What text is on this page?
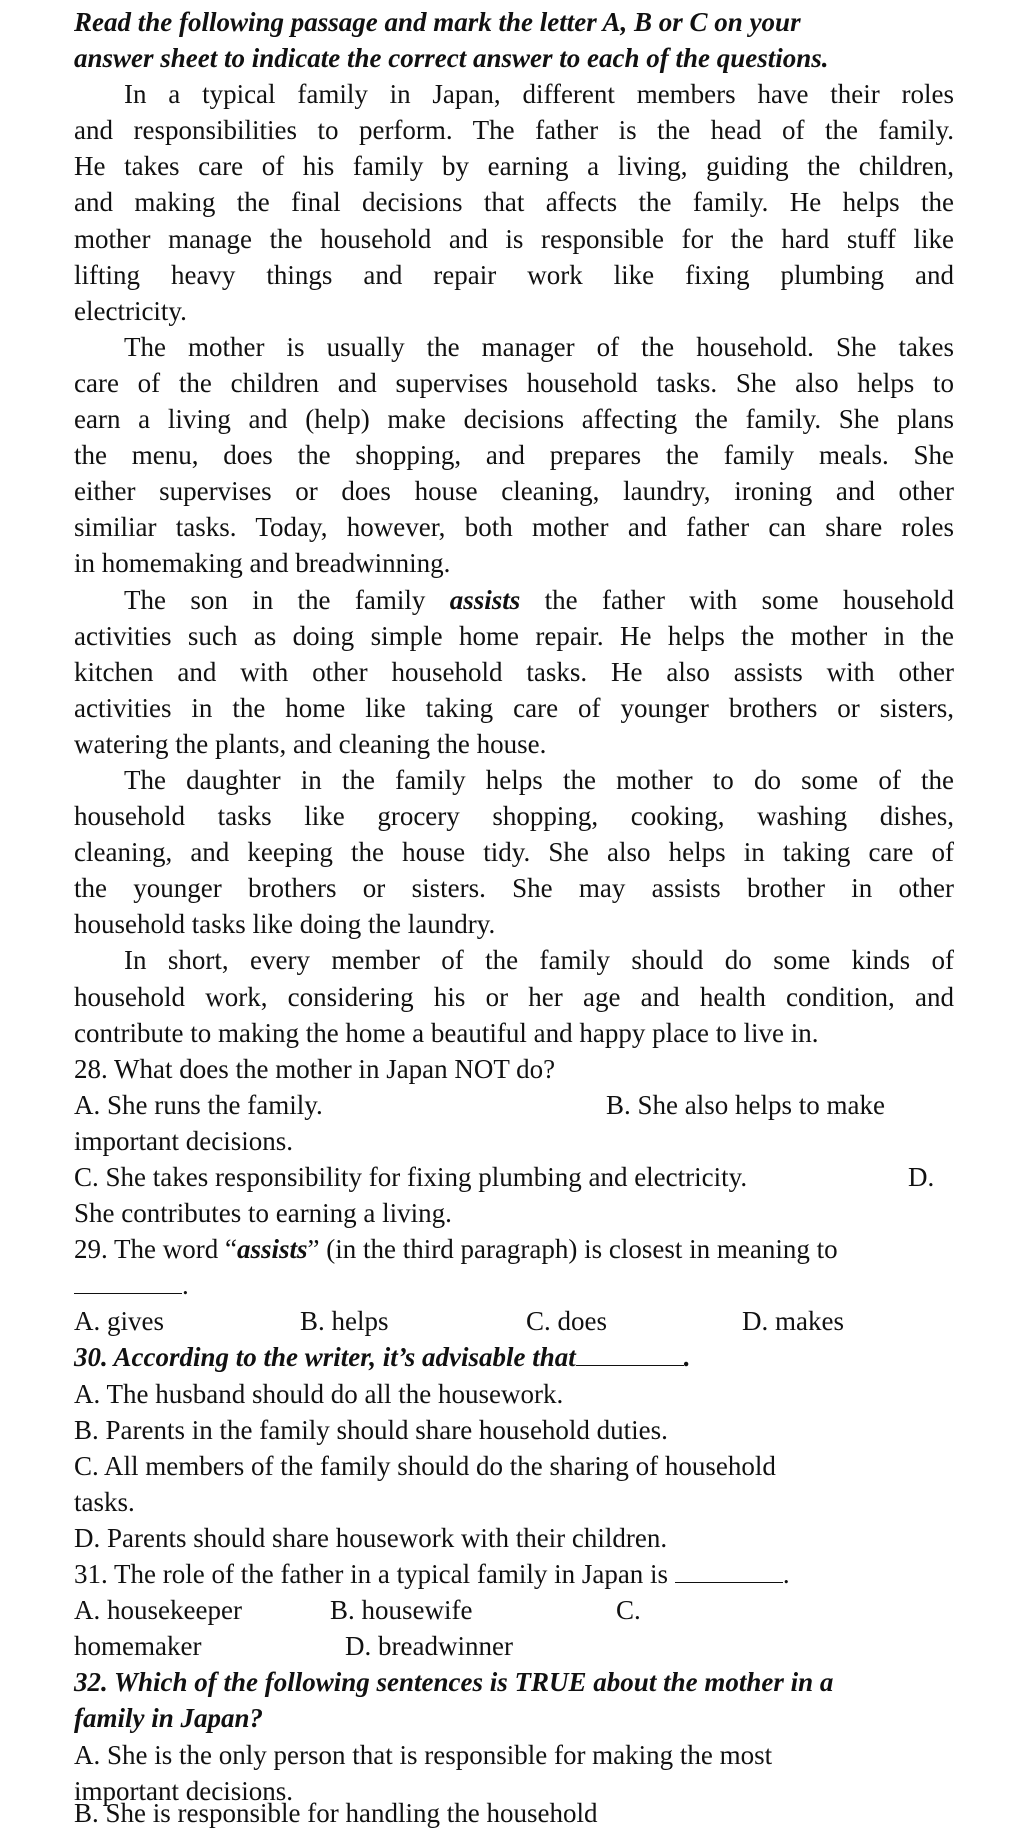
Read the following passage and mark the letter A, B or C on your
answer sheet to indicate the correct answer to each of the questions.
In a typical family in Japan, different members have their roles
and responsibilities to perform. The father is the head of the family.
He takes care of his family by earning a living, guiding the children,
and making the final decisions that affects the family. He helps the
mother manage the household and is responsible for the hard stuff like
lifting heavy things and repair work like fixing plumbing and
electricity.
The mother is usually the manager of the household. She takes
care of the children and supervises household tasks. She also helps to
earn a living and (help) make decisions affecting the family. She plans
the menu, does the shopping, and prepares the family meals. She
either supervises or does house cleaning, laundry, ironing and other
similiar tasks. Today, however, both mother and father can share roles
in homemaking and breadwinning.
The son in the family assists the father with some household
activities such as doing simple home repair. He helps the mother in the
kitchen and with other household tasks. He also assists with other
activities in the home like taking care of younger brothers or sisters,
watering the plants, and cleaning the house.
The daughter in the family helps the mother to do some of the
household tasks like grocery shopping, cooking, washing dishes,
cleaning, and keeping the house tidy. She also helps in taking care of
the younger brothers or sisters. She may assists brother in other
household tasks like doing the laundry.
In short, every member of the family should do some kinds of
household work, considering his or her age and health condition, and
contribute to making the home a beautiful and happy place to live in.
28. What does the mother in Japan NOT do?
A. She runs the family.	B. She also helps to make
important decisions.
C. She takes responsibility for fixing plumbing and electricity.	D.
She contributes to earning a living.
29. The word “assists” (in the third paragraph) is closest in meaning to
.
A. gives	B. helps	C. does	D. makes
30. According to the writer, it’s advisable that	.
A. The husband should do all the housework.
B. Parents in the family should share household duties.
C. All members of the family should do the sharing of household
tasks.
D. Parents should share housework with their children.
31. The role of the father in a typical family in Japan is	.
A. housekeeper	B. housewife	C.
homemaker	D. breadwinner
32. Which of the following sentences is TRUE about the mother in a
family in Japan?
A. She is the only person that is responsible for making the most
important decisions.
B. She is responsible for handling the household
